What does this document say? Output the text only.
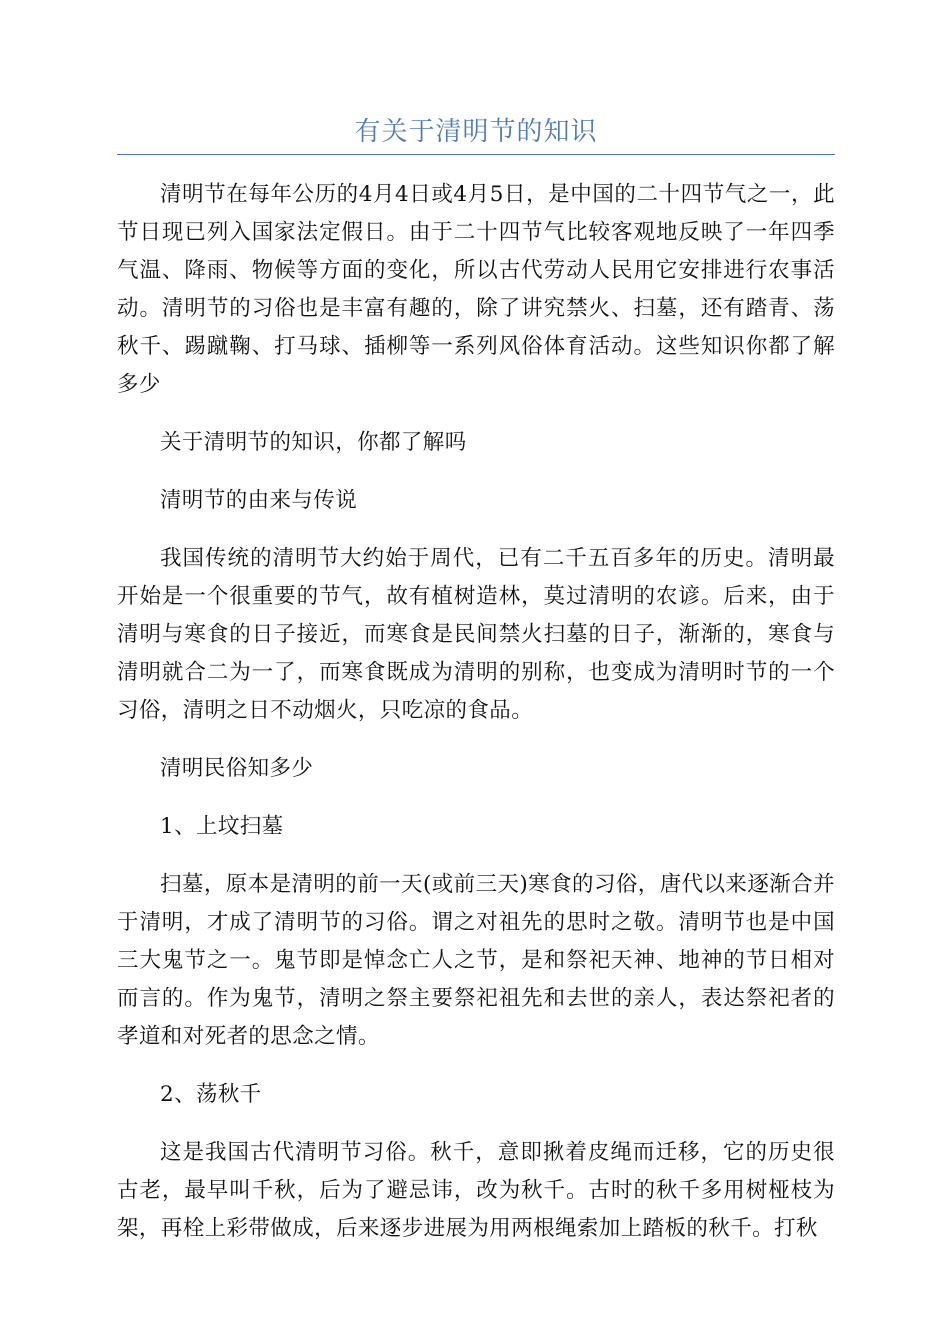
有关于清明节的知识

清明节在每年公历的4月4日或4月5日，是中国的二十四节气之一，此节日现已列入国家法定假日。由于二十四节气比较客观地反映了一年四季气温、降雨、物候等方面的变化，所以古代劳动人民用它安排进行农事活动。清明节的习俗也是丰富有趣的，除了讲究禁火、扫墓，还有踏青、荡秋千、踢蹴鞠、打马球、插柳等一系列风俗体育活动。这些知识你都了解多少

关于清明节的知识，你都了解吗

清明节的由来与传说

我国传统的清明节大约始于周代，已有二千五百多年的历史。清明最开始是一个很重要的节气，故有植树造林，莫过清明的农谚。后来，由于清明与寒食的日子接近，而寒食是民间禁火扫墓的日子，渐渐的，寒食与清明就合二为一了，而寒食既成为清明的别称，也变成为清明时节的一个习俗，清明之日不动烟火，只吃凉的食品。

清明民俗知多少

1、上坟扫墓

扫墓，原本是清明的前一天(或前三天)寒食的习俗，唐代以来逐渐合并于清明，才成了清明节的习俗。谓之对祖先的思时之敬。清明节也是中国三大鬼节之一。鬼节即是悼念亡人之节，是和祭祀天神、地神的节日相对而言的。作为鬼节，清明之祭主要祭祀祖先和去世的亲人，表达祭祀者的孝道和对死者的思念之情。

2、荡秋千

这是我国古代清明节习俗。秋千，意即揪着皮绳而迁移，它的历史很古老，最早叫千秋，后为了避忌讳，改为秋千。古时的秋千多用树桠枝为架，再栓上彩带做成，后来逐步进展为用两根绳索加上踏板的秋千。打秋
